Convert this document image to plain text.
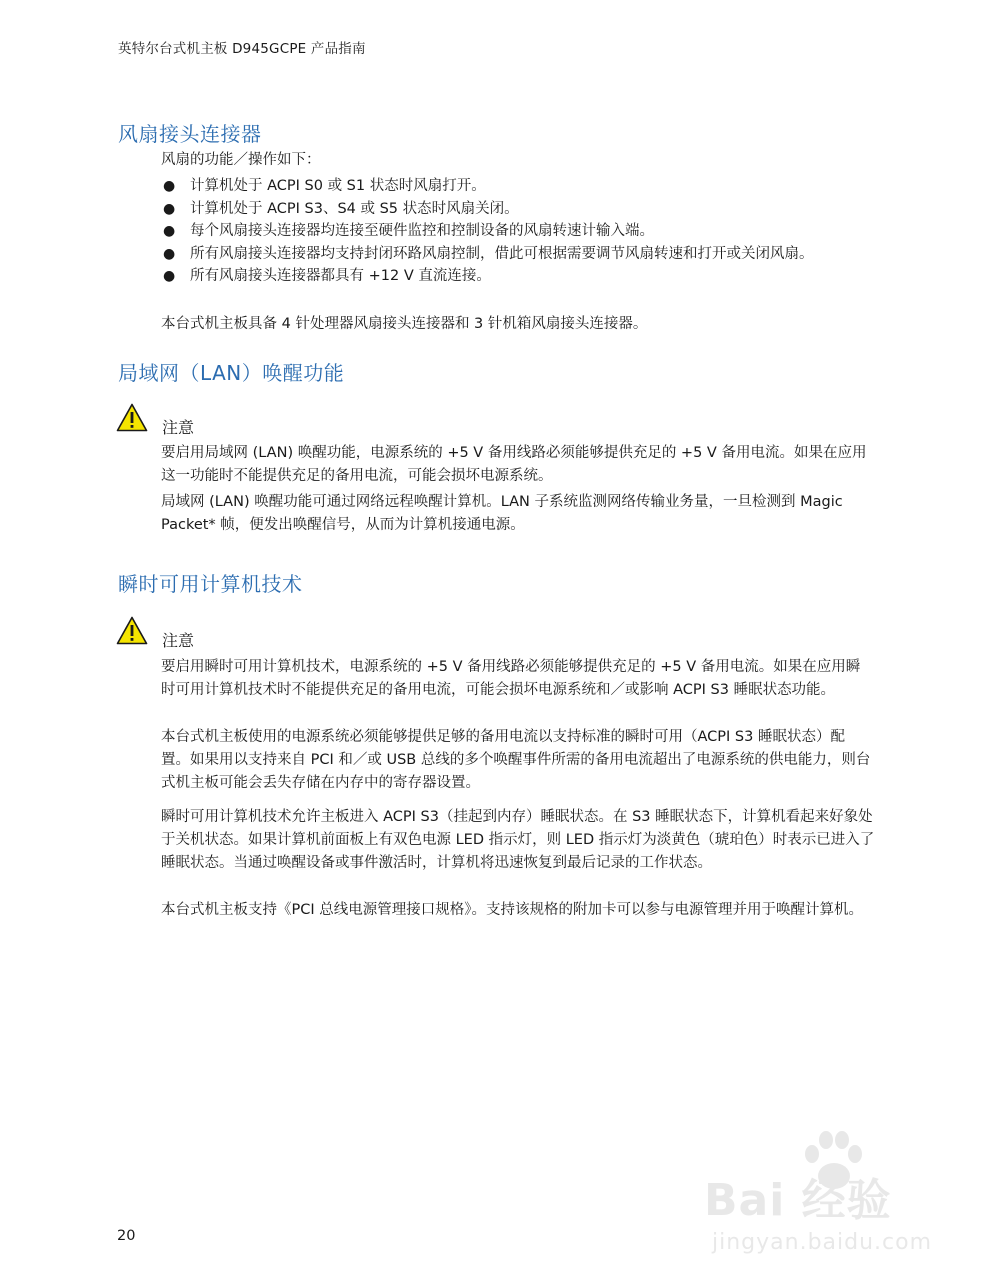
英特尔台式机主板 D945GCPE 产品指南
风扇接头连接器

风扇的功能／操作如下：

● 计算机处于 ACPI S0 或 S1 状态时风扇打开。
● 计算机处于 ACPI S3、S4 或 S5 状态时风扇关闭。
● 每个风扇接头连接器均连接至硬件监控和控制设备的风扇转速计输入端。
● 所有风扇接头连接器均支持封闭环路风扇控制，借此可根据需要调节风扇转速和打开或关闭风扇。
● 所有风扇接头连接器都具有 +12 V 直流连接。

本台式机主板具备 4 针处理器风扇接头连接器和 3 针机箱风扇接头连接器。

局域网（LAN）唤醒功能
注意

要启用局域网 (LAN) 唤醒功能，电源系统的 +5 V 备用线路必须能够提供充足的 +5 V 备用电流。如果在应用这一功能时不能提供充足的备用电流，可能会损坏电源系统。

局域网 (LAN) 唤醒功能可通过网络远程唤醒计算机。LAN 子系统监测网络传输业务量，一旦检测到 Magic Packet* 帧，便发出唤醒信号，从而为计算机接通电源。

瞬时可用计算机技术
注意

要启用瞬时可用计算机技术，电源系统的 +5 V 备用线路必须能够提供充足的 +5 V 备用电流。如果在应用瞬时可用计算机技术时不能提供充足的备用电流，可能会损坏电源系统和／或影响 ACPI S3 睡眠状态功能。

本台式机主板使用的电源系统必须能够提供足够的备用电流以支持标准的瞬时可用（ACPI S3 睡眠状态）配置。如果用以支持来自 PCI 和／或 USB 总线的多个唤醒事件所需的备用电流超出了电源系统的供电能力，则台式机主板可能会丢失存储在内存中的寄存器设置。

瞬时可用计算机技术允许主板进入 ACPI S3（挂起到内存）睡眠状态。在 S3 睡眠状态下，计算机看起来好象处于关机状态。如果计算机前面板上有双色电源 LED 指示灯，则 LED 指示灯为淡黄色（琥珀色）时表示已进入了睡眠状态。当通过唤醒设备或事件激活时，计算机将迅速恢复到最后记录的工作状态。

本台式机主板支持《PCI 总线电源管理接口规格》。支持该规格的附加卡可以参与电源管理并用于唤醒计算机。

20
Bai 经验
jingyan.baidu.com
